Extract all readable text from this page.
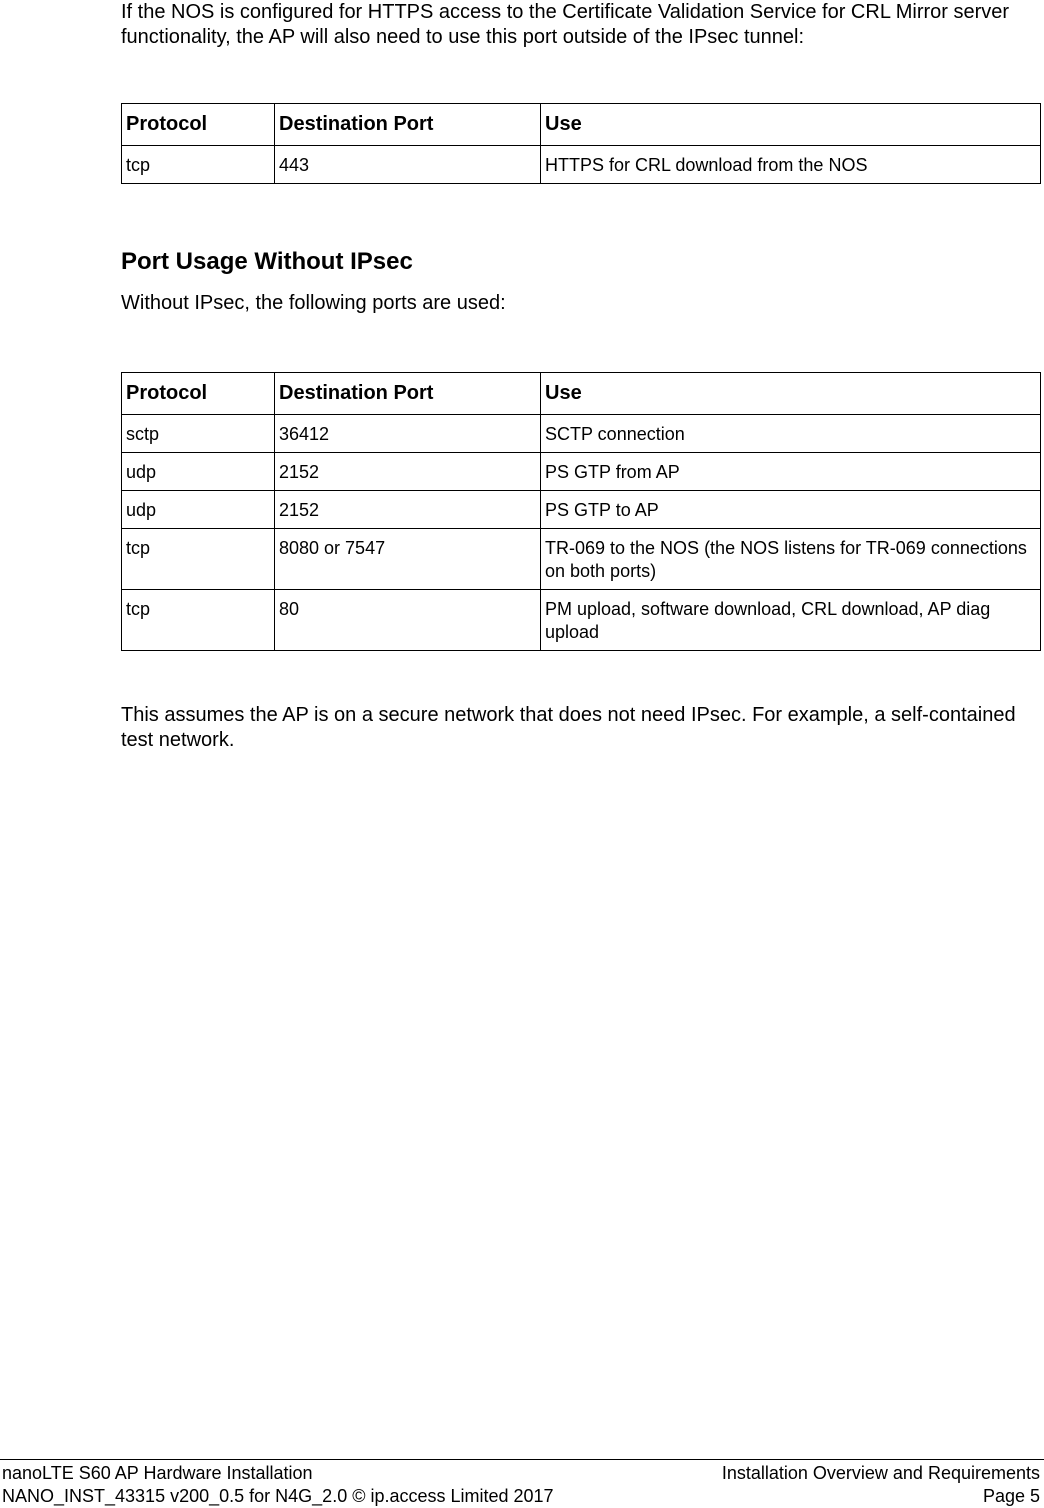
If the NOS is configured for HTTPS access to the Certificate Validation Service for CRL Mirror server functionality, the AP will also need to use this port outside of the IPsec tunnel:

Protocol	Destination Port	Use
tcp	443	HTTPS for CRL download from the NOS
Port Usage Without IPsec

Without IPsec, the following ports are used:

Protocol	Destination Port	Use
sctp	36412	SCTP connection
udp	2152	PS GTP from AP
udp	2152	PS GTP to AP
tcp	8080 or 7547	TR-069 to the NOS (the NOS listens for TR-069 connections on both ports)
tcp	80	PM upload, software download, CRL download, AP diag upload

This assumes the AP is on a secure network that does not need IPsec. For example, a self-contained test network.

nanoLTE S60 AP Hardware Installation
NANO_INST_43315 v200_0.5 for N4G_2.0 © ip.access Limited 2017
Installation Overview and Requirements
Page 5
